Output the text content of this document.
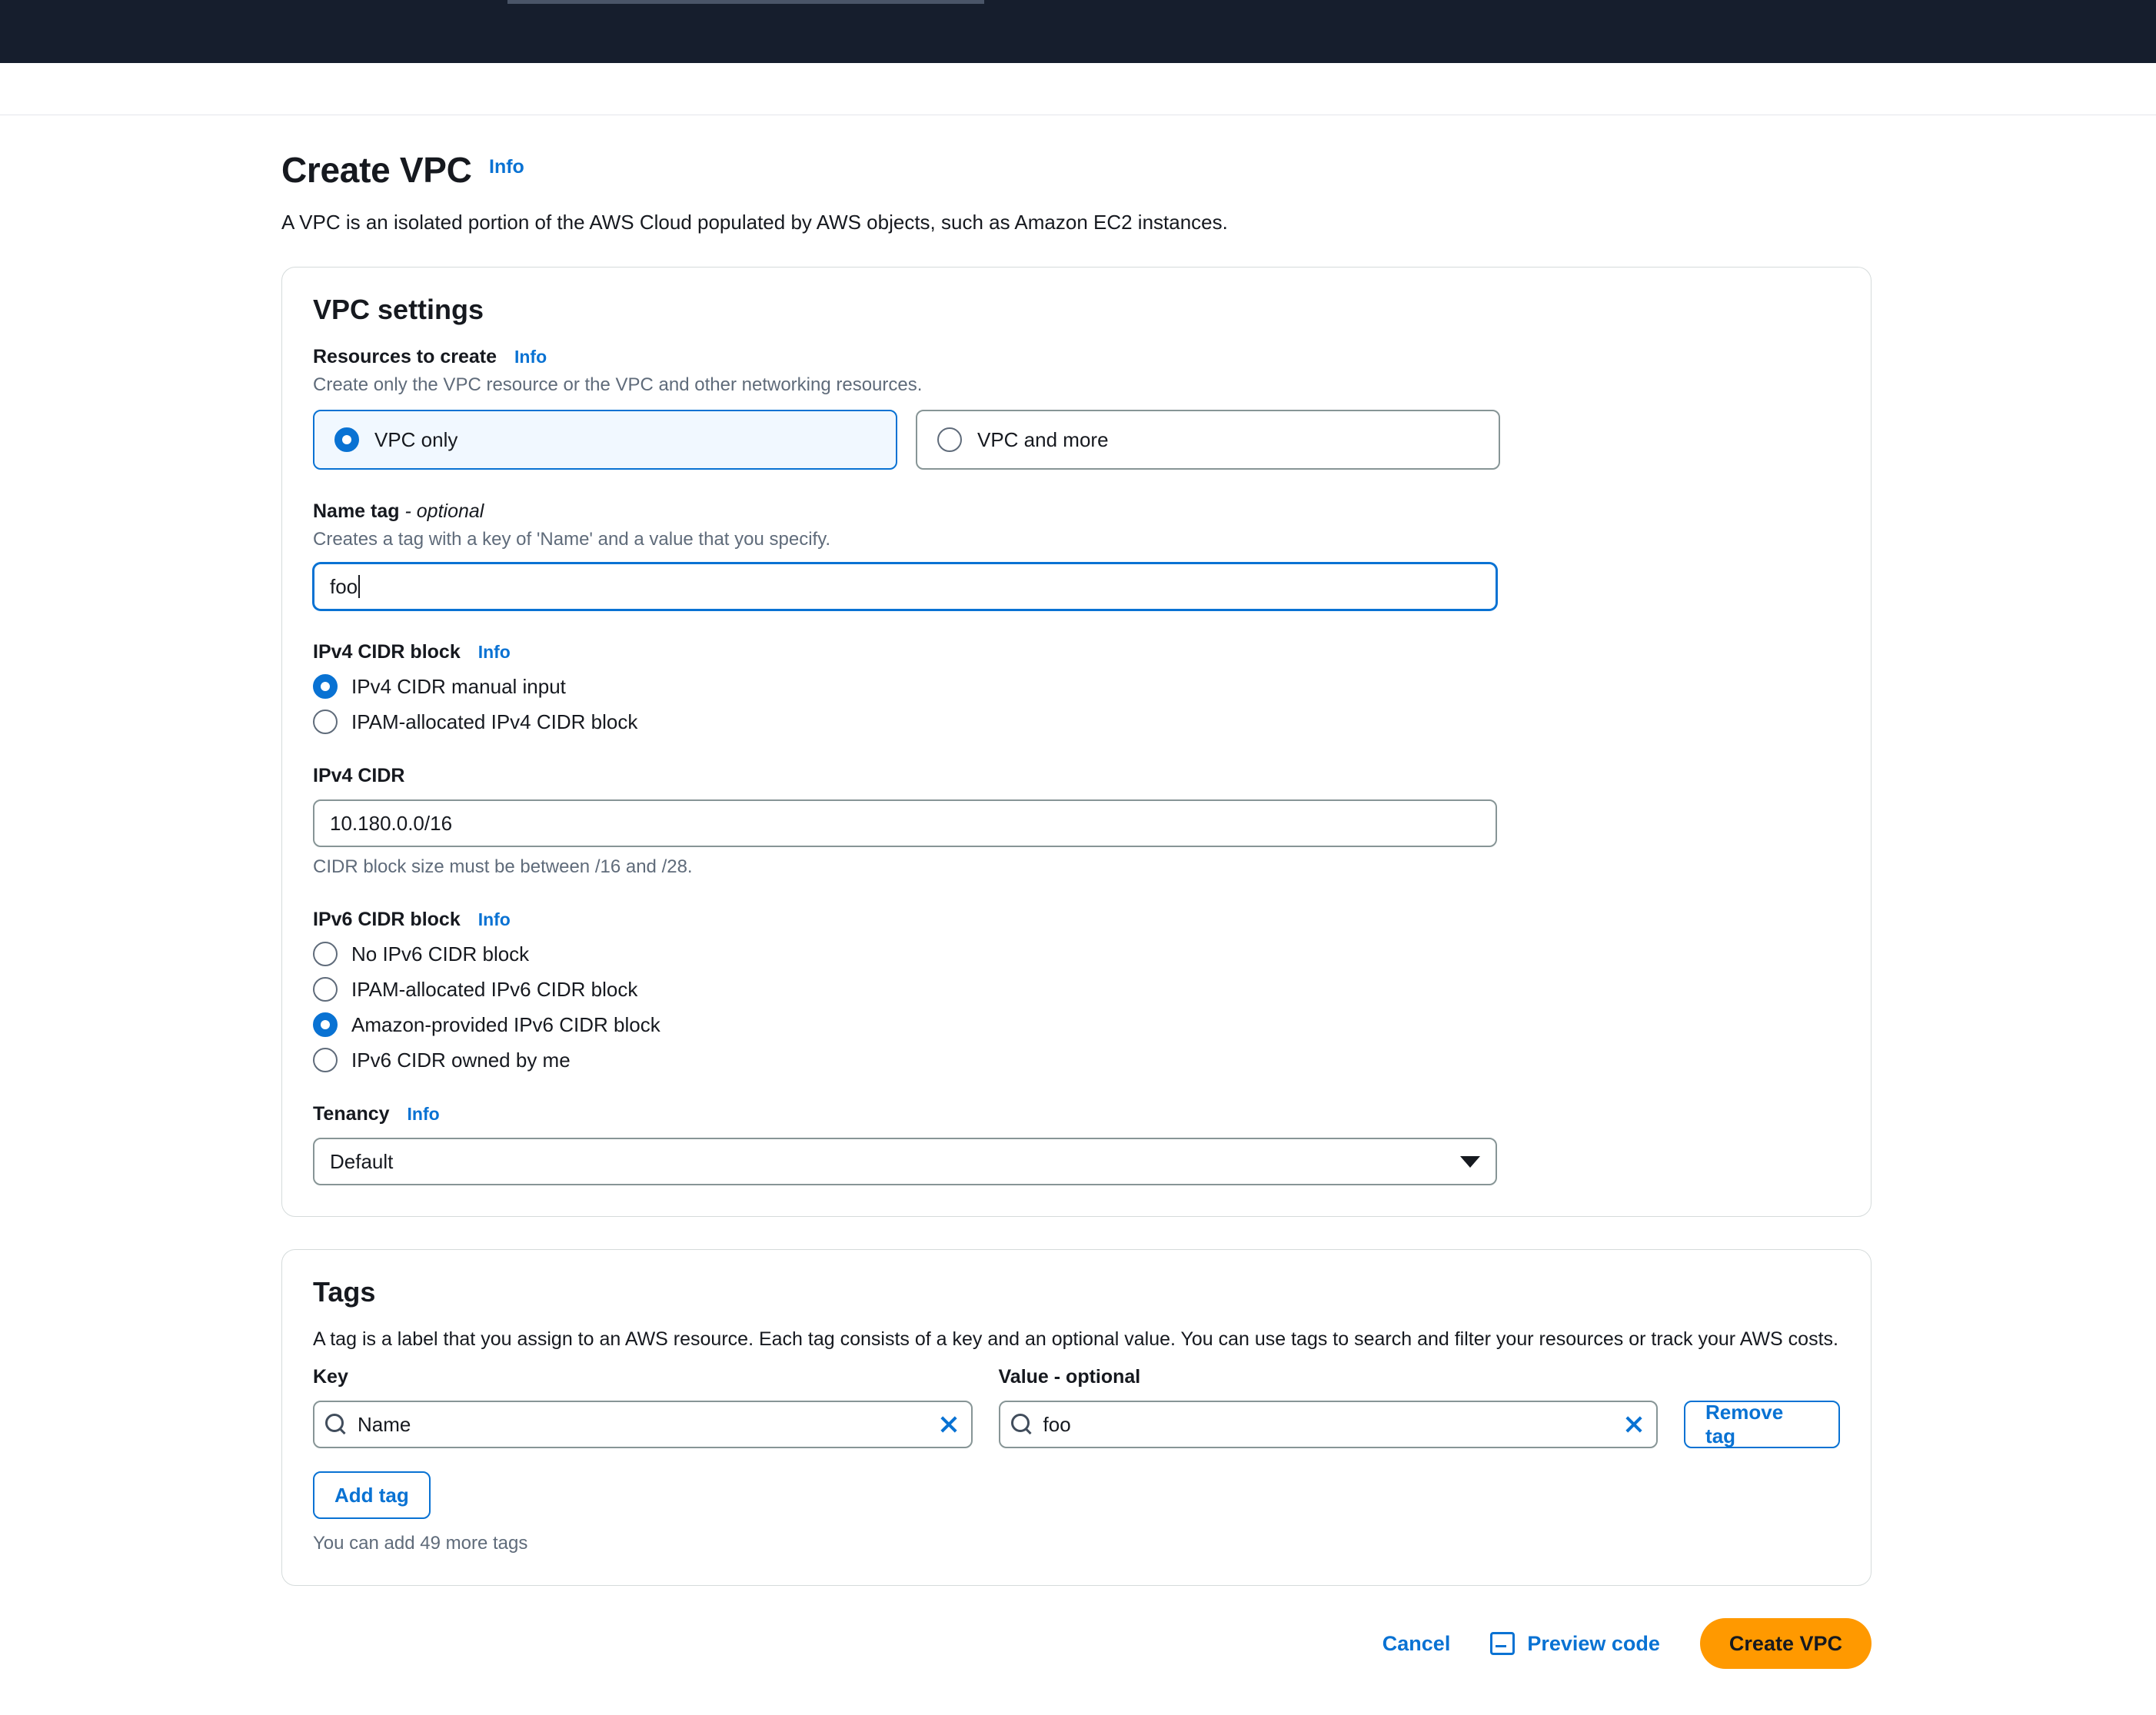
Create VPC Info
A VPC is an isolated portion of the AWS Cloud populated by AWS objects, such as Amazon EC2 instances.
VPC settings
Resources to create Info
Create only the VPC resource or the VPC and other networking resources.
VPC only	VPC and more
Name tag - optional
Creates a tag with a key of 'Name' and a value that you specify.
foo
IPv4 CIDR block Info
IPv4 CIDR manual input
IPAM-allocated IPv4 CIDR block
IPv4 CIDR
10.180.0.0/16
CIDR block size must be between /16 and /28.
IPv6 CIDR block Info
No IPv6 CIDR block
IPAM-allocated IPv6 CIDR block
Amazon-provided IPv6 CIDR block
IPv6 CIDR owned by me
Tenancy Info
Default
Tags
A tag is a label that you assign to an AWS resource. Each tag consists of a key and an optional value. You can use tags to search and filter your resources or track your AWS costs.
Key
Name
Value - optional
foo
Remove tag
Add tag
You can add 49 more tags
Cancel	Preview code	Create VPC
